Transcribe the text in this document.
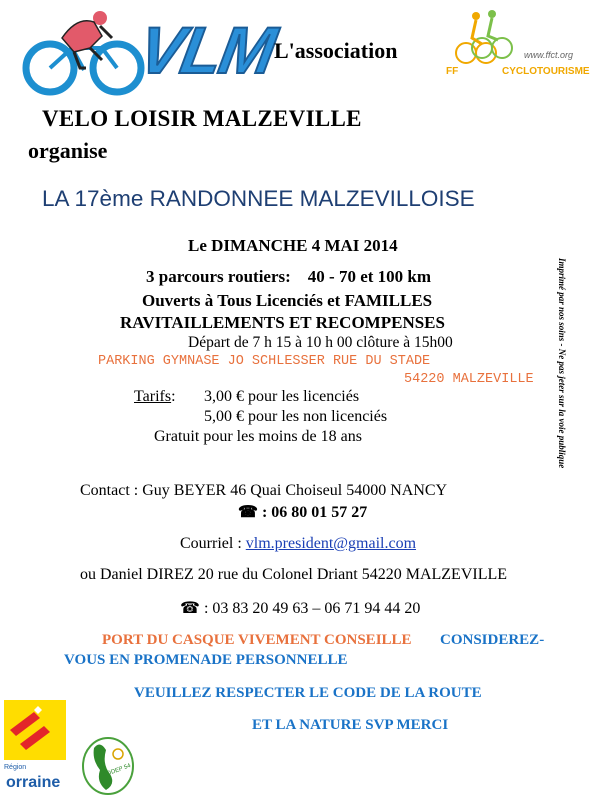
VLM
L'association	www.ffct.org
FF	CYCLOTOURISME
VELO LOISIR MALZEVILLE
organise
LA 17ème RANDONNEE MALZEVILLOISE
Le DIMANCHE 4 MAI 2014
3 parcours routiers:    40 - 70 et 100 km
Ouverts à Tous Licenciés et FAMILLES
RAVITAILLEMENTS ET RECOMPENSES
Départ de 7 h 15 à 10 h 00 clôture à 15h00
PARKING GYMNASE JO SCHLESSER RUE DU STADE
54220 MALZEVILLE
Tarifs: 3,00 € pour les licenciés
5,00 € pour les non licenciés
Gratuit pour les moins de 18 ans
Contact : Guy BEYER 46 Quai Choiseul 54000 NANCY
☎ : 06 80 01 57 27
Courriel : vlm.president@gmail.com
ou Daniel DIREZ 20 rue du Colonel Driant 54220 MALZEVILLE
☎ : 03 83 20 49 63 – 06 71 94 44 20
PORT DU CASQUE VIVEMENT CONSEILLE CONSIDEREZ-
VOUS EN PROMENADE PERSONNELLE
VEUILLEZ RESPECTER LE CODE DE LA ROUTE
ET LA NATURE SVP MERCI
Imprimé par nos soins - Ne pas jeter sur la voie publique
Région
orraine
CODEP 54
